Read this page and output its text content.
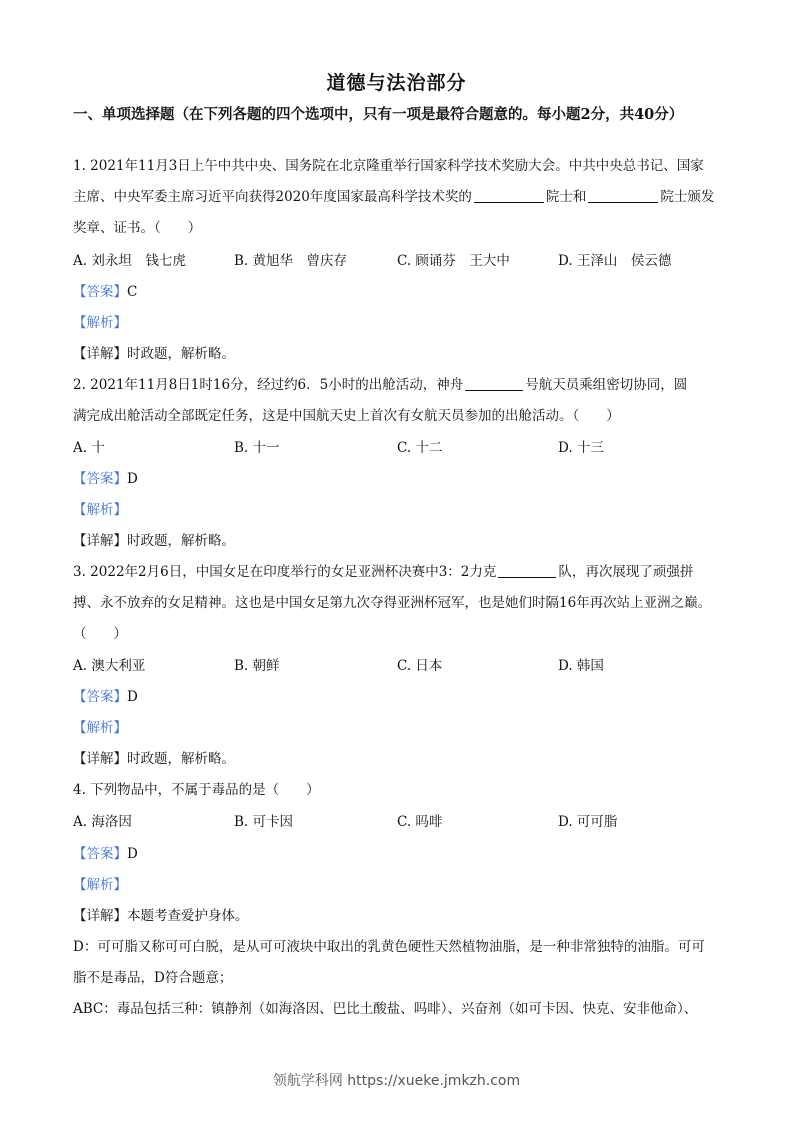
道德与法治部分
一、单项选择题（在下列各题的四个选项中，只有一项是最符合题意的。每小题2分，共40分）
1. 2021年11月3日上午中共中央、国务院在北京隆重举行国家科学技术奖励大会。中共中央总书记、国家
主席、中央军委主席习近平向获得2020年度国家最高科学技术奖的	院士和	院士颁发
奖章、证书。（　　）
A. 刘永坦　钱七虎	B. 黄旭华　曾庆存	C. 顾诵芬　王大中	D. 王泽山　侯云德
【答案】C
【解析】
【详解】时政题，解析略。
2. 2021年11月8日1时16分，经过约6．5小时的出舱活动，神舟	号航天员乘组密切协同，圆
满完成出舱活动全部既定任务，这是中国航天史上首次有女航天员参加的出舱活动。（　　）
A. 十	B. 十一	C. 十二	D. 十三
【答案】D
【解析】
【详解】时政题，解析略。
3. 2022年2月6日，中国女足在印度举行的女足亚洲杯决赛中3：2力克	队，再次展现了顽强拼
搏、永不放弃的女足精神。这也是中国女足第九次夺得亚洲杯冠军，也是她们时隔16年再次站上亚洲之巅。
（　　）
A. 澳大利亚	B. 朝鲜	C. 日本	D. 韩国
【答案】D
【解析】
【详解】时政题，解析略。
4. 下列物品中，不属于毒品的是（　　）
A. 海洛因	B. 可卡因	C. 吗啡	D. 可可脂
【答案】D
【解析】
【详解】本题考查爱护身体。
D：可可脂又称可可白脱，是从可可液块中取出的乳黄色硬性天然植物油脂，是一种非常独特的油脂。可可
脂不是毒品，D符合题意；
ABC：毒品包括三种：镇静剂（如海洛因、巴比土酸盐、吗啡）、兴奋剂（如可卡因、快克、安非他命）、
领航学科网 https://xueke.jmkzh.com
